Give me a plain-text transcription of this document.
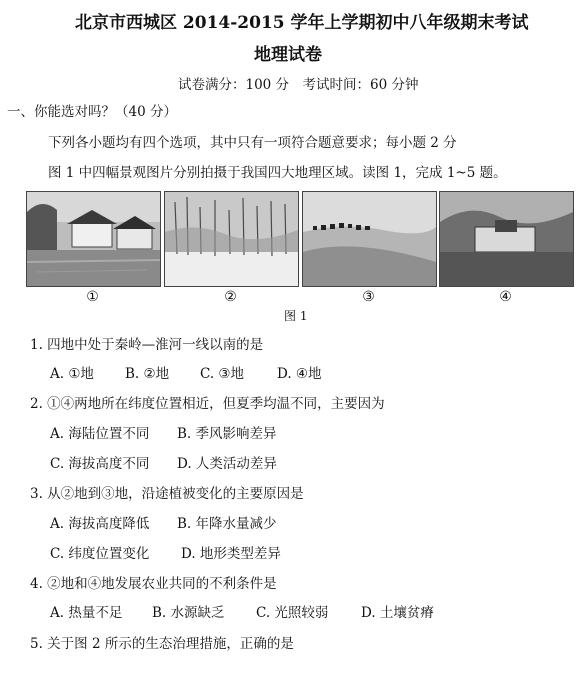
北京市西城区 2014-2015 学年上学期初中八年级期末考试
地理试卷
试卷满分：100 分　考试时间：60 分钟
一、你能选对吗？（40 分）
下列各小题均有四个选项，其中只有一项符合题意要求；每小题 2 分
图 1 中四幅景观图片分别拍摄于我国四大地理区域。读图 1，完成 1~5 题。
①	②	③	④
图 1
1. 四地中处于秦岭—淮河一线以南的是
A. ①地 B. ②地 C. ③地 D. ④地
2. ①④两地所在纬度位置相近，但夏季均温不同，主要因为
A. 海陆位置不同 B. 季风影响差异
C. 海拔高度不同 D. 人类活动差异
3. 从②地到③地，沿途植被变化的主要原因是
A. 海拔高度降低 B. 年降水量减少
C. 纬度位置变化 D. 地形类型差异
4. ②地和④地发展农业共同的不利条件是
A. 热量不足 B. 水源缺乏 C. 光照较弱 D. 土壤贫瘠
5. 关于图 2 所示的生态治理措施，正确的是
